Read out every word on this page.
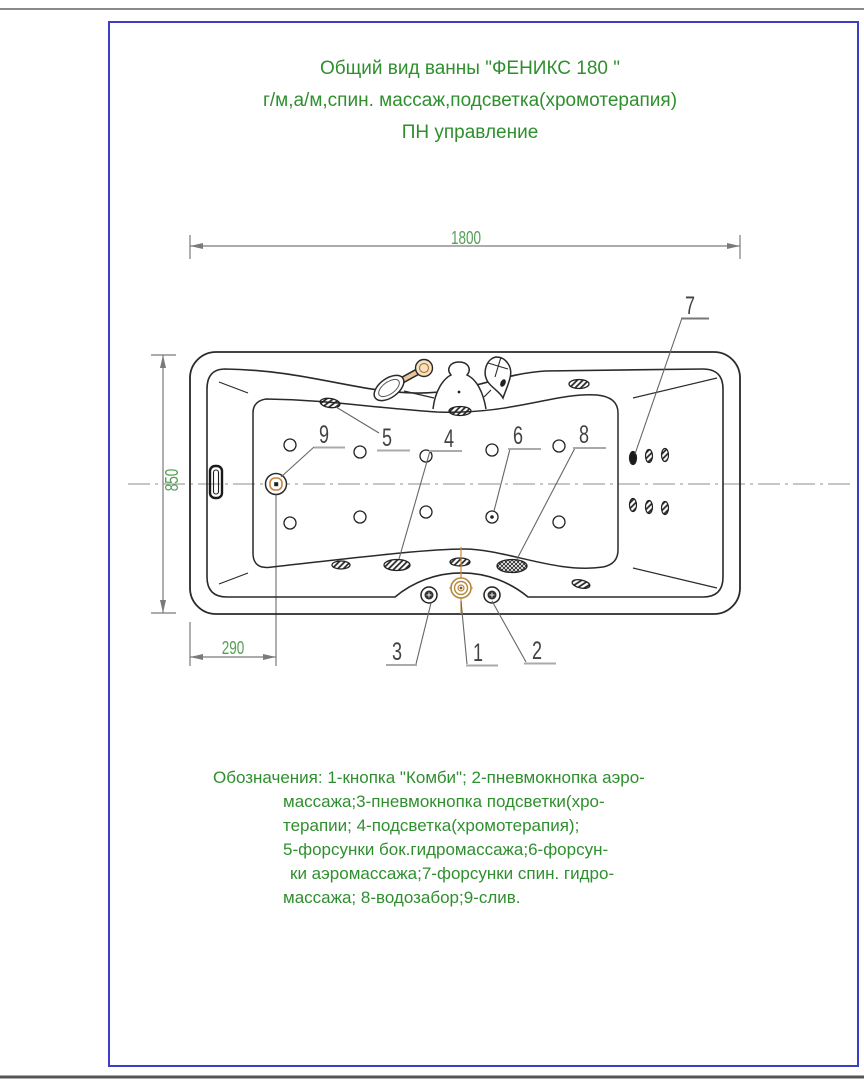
Общий вид ванны "ФЕНИКС 180 "
г/м,а/м,спин. массаж,подсветка(хромотерапия)
ПН управление
1800
850
290
9 5 4 6 8
7
3	1 2
Обозначения: 1-кнопка "Комби"; 2-пневмокнопка аэро-
массажа;3-пневмокнопка подсветки(хро-
терапии; 4-подсветка(хромотерапия);
5-форсунки бок.гидромассажа;6-форсун-
ки аэромассажа;7-форсунки спин. гидро-
массажа; 8-водозабор;9-слив.
